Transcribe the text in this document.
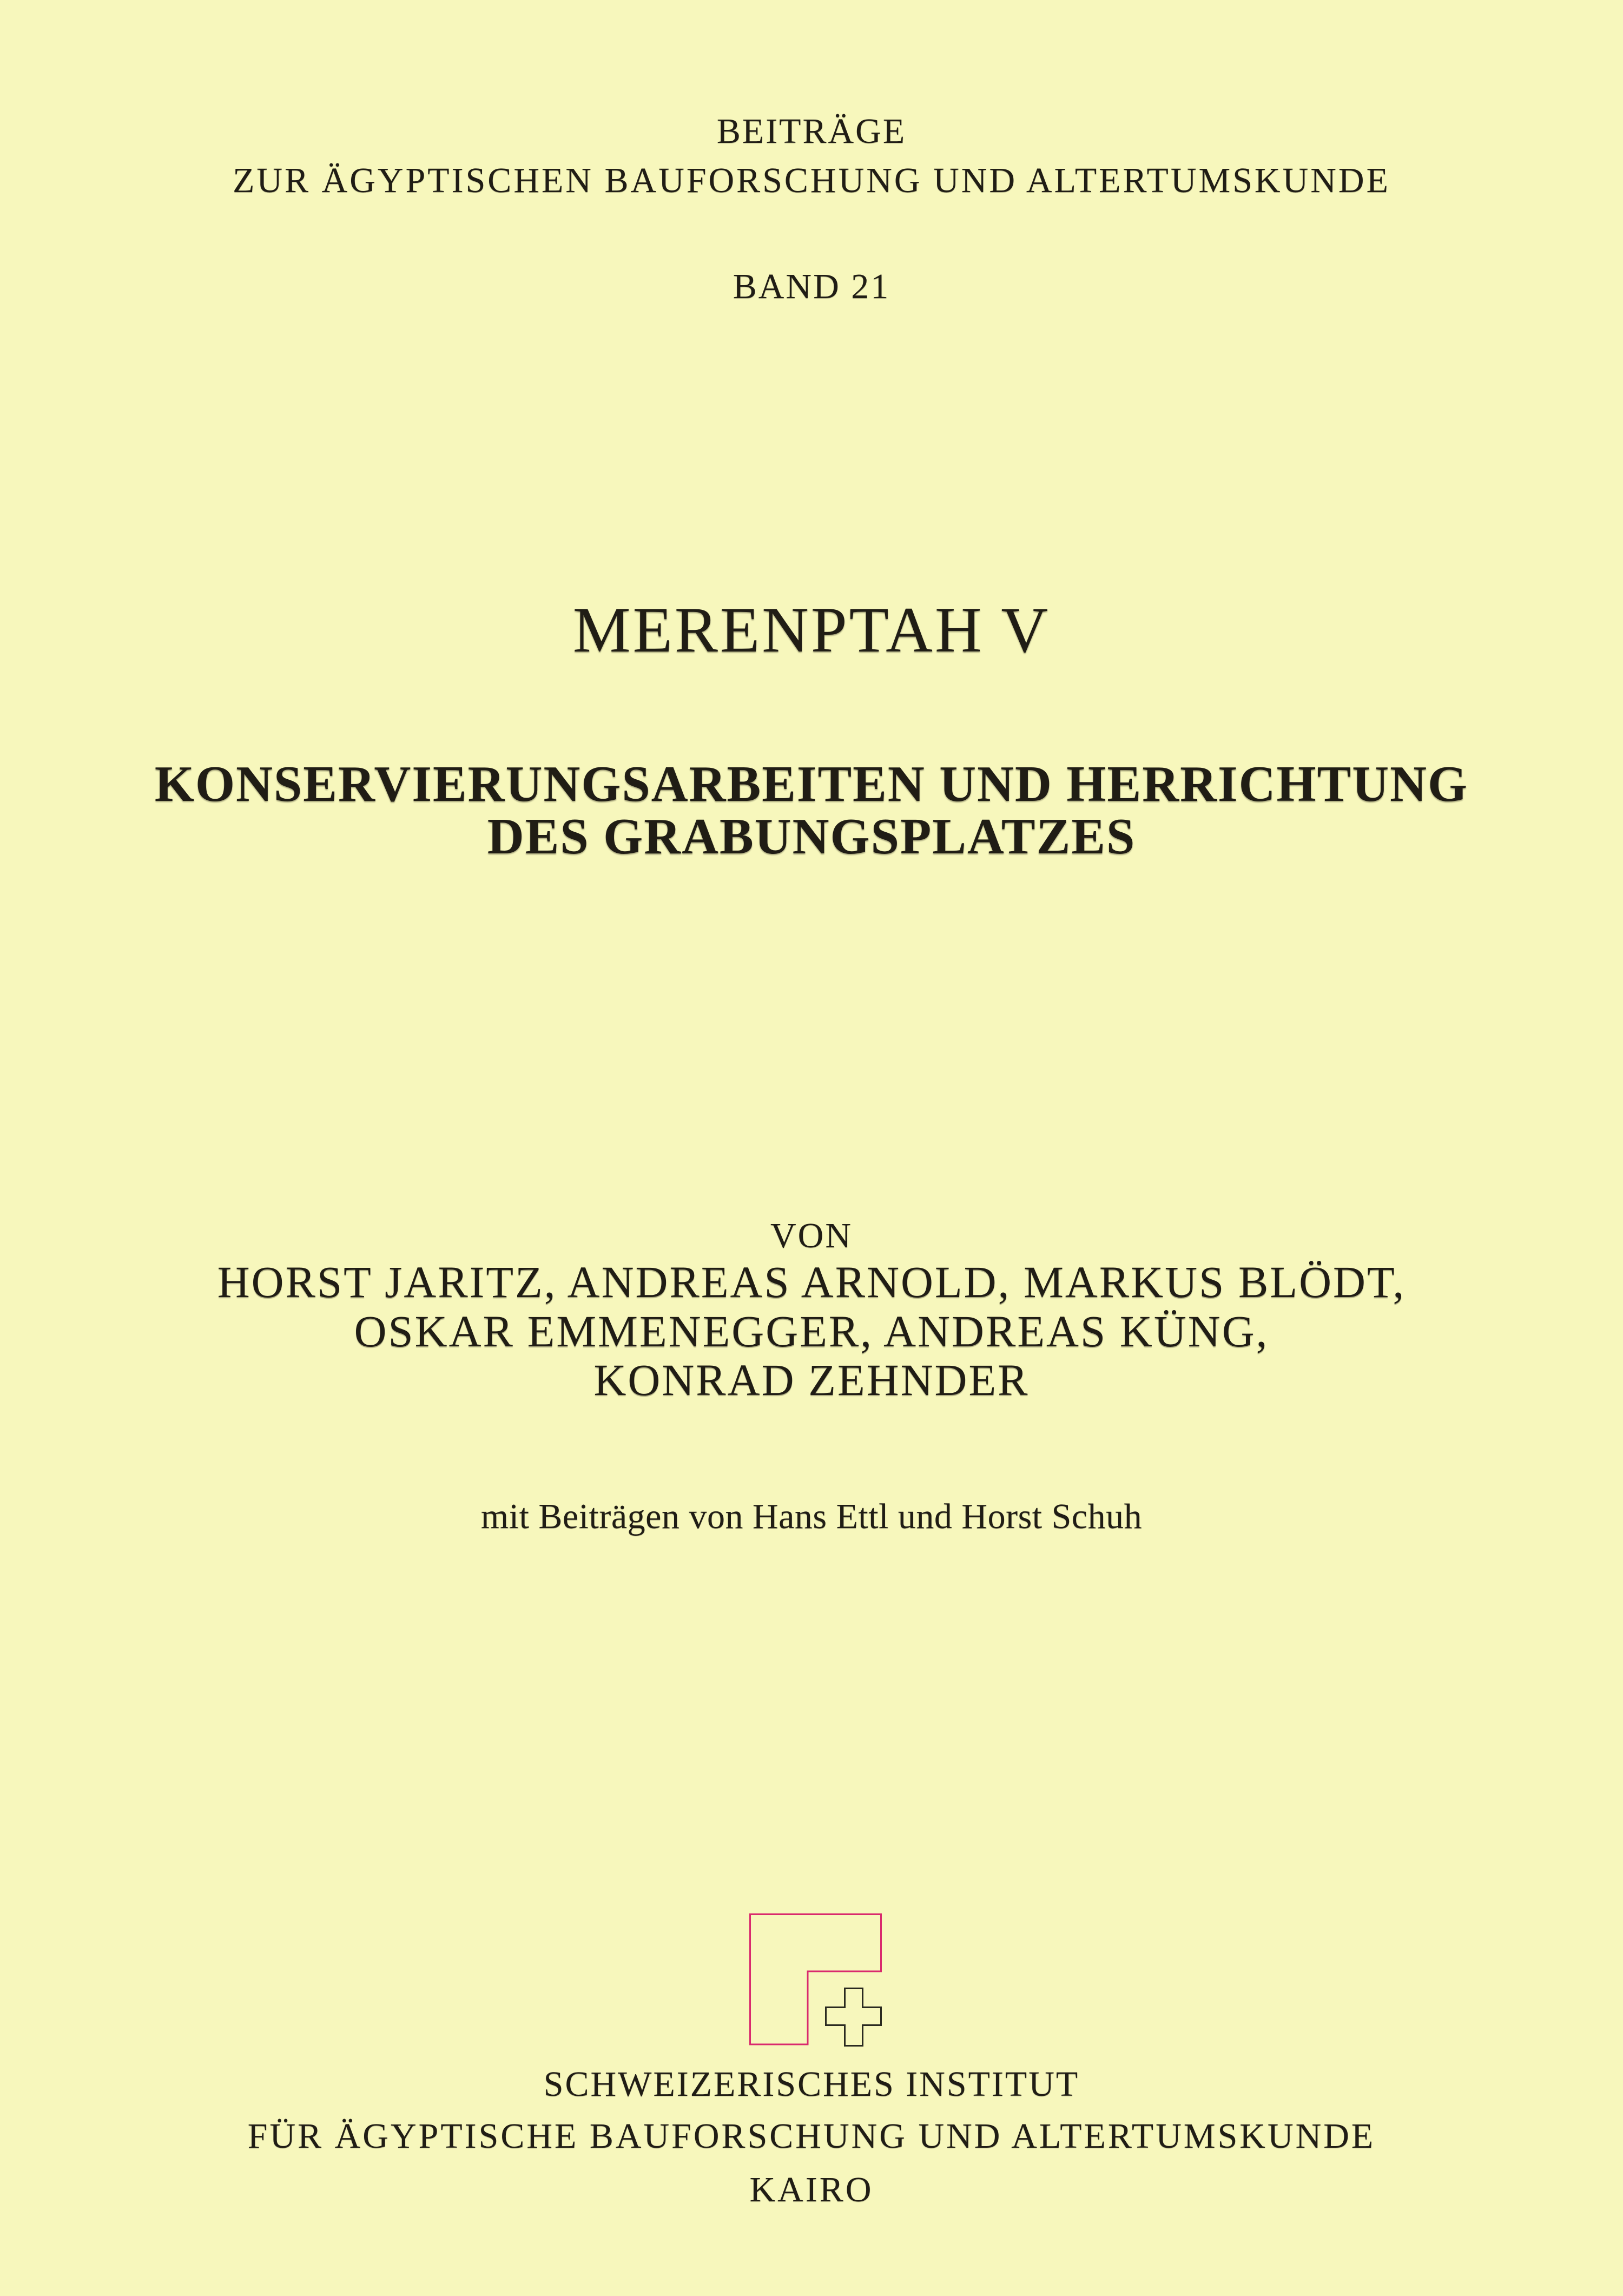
BEITRÄGE
ZUR ÄGYPTISCHEN BAUFORSCHUNG UND ALTERTUMSKUNDE
BAND 21
MERENPTAH V
KONSERVIERUNGSARBEITEN UND HERRICHTUNG
DES GRABUNGSPLATZES
VON
HORST JARITZ, ANDREAS ARNOLD, MARKUS BLÖDT,
OSKAR EMMENEGGER, ANDREAS KÜNG,
KONRAD ZEHNDER
mit Beiträgen von Hans Ettl und Horst Schuh
SCHWEIZERISCHES INSTITUT
FÜR ÄGYPTISCHE BAUFORSCHUNG UND ALTERTUMSKUNDE
KAIRO
